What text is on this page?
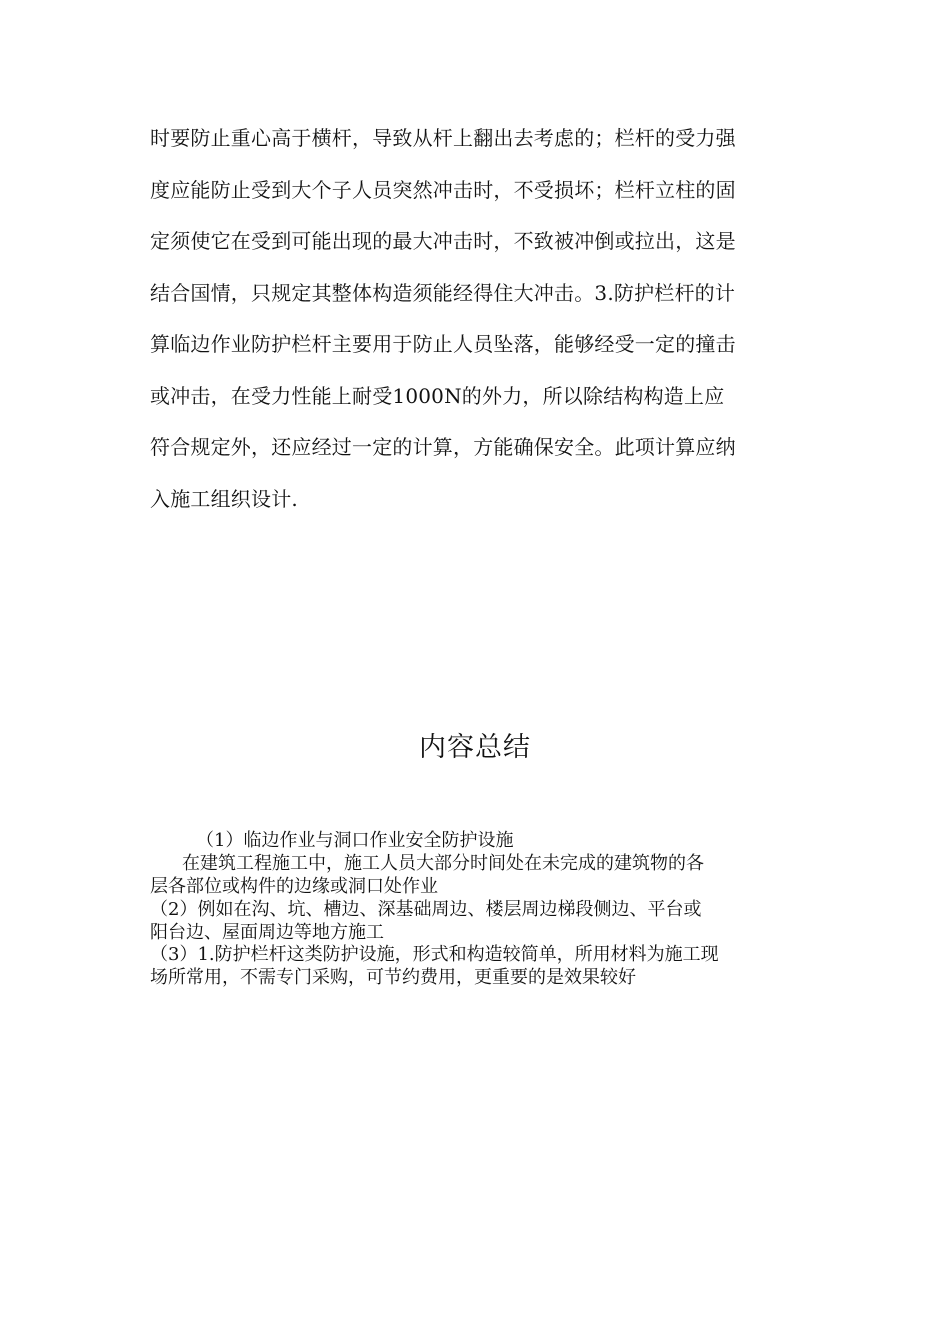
时要防止重心高于横杆，导致从杆上翻出去考虑的；栏杆的受力强
度应能防止受到大个子人员突然冲击时，不受损坏；栏杆立柱的固
定须使它在受到可能出现的最大冲击时，不致被冲倒或拉出，这是
结合国情，只规定其整体构造须能经得住大冲击。3.防护栏杆的计
算临边作业防护栏杆主要用于防止人员坠落，能够经受一定的撞击
或冲击，在受力性能上耐受1000N的外力，所以除结构构造上应
符合规定外，还应经过一定的计算，方能确保安全。此项计算应纳
入施工组织设计.
内容总结
（1）临边作业与洞口作业安全防护设施
在建筑工程施工中，施工人员大部分时间处在未完成的建筑物的各
层各部位或构件的边缘或洞口处作业
（2）例如在沟、坑、槽边、深基础周边、楼层周边梯段侧边、平台或
阳台边、屋面周边等地方施工
（3）1.防护栏杆这类防护设施，形式和构造较简单，所用材料为施工现
场所常用，不需专门采购，可节约费用，更重要的是效果较好
